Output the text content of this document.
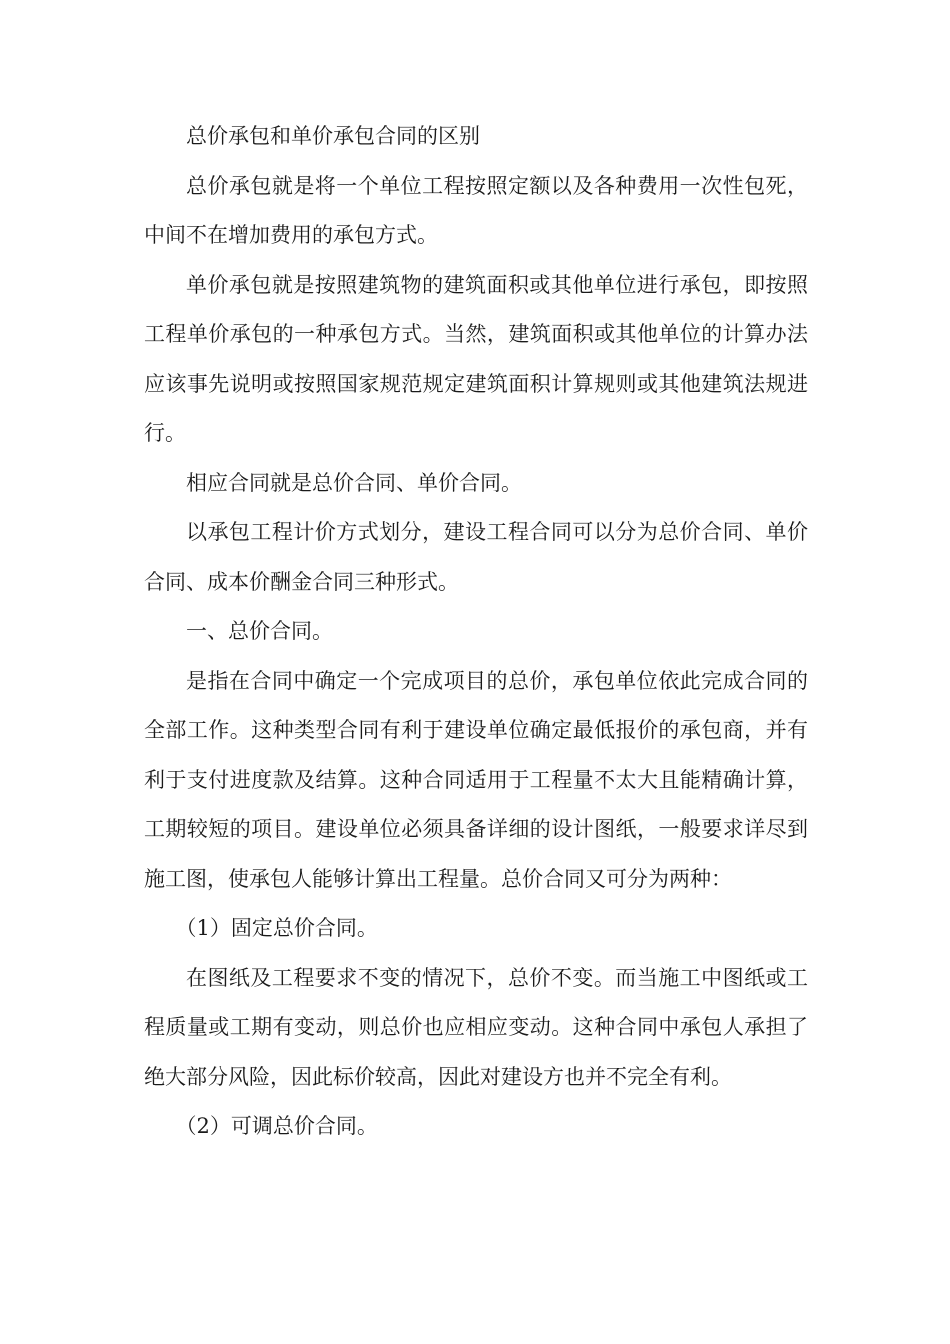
总价承包和单价承包合同的区别

总价承包就是将一个单位工程按照定额以及各种费用一次性包死，中间不在增加费用的承包方式。

单价承包就是按照建筑物的建筑面积或其他单位进行承包，即按照工程单价承包的一种承包方式。当然，建筑面积或其他单位的计算办法应该事先说明或按照国家规范规定建筑面积计算规则或其他建筑法规进行。

相应合同就是总价合同、单价合同。

以承包工程计价方式划分，建设工程合同可以分为总价合同、单价合同、成本价酬金合同三种形式。

一、总价合同。

是指在合同中确定一个完成项目的总价，承包单位依此完成合同的全部工作。这种类型合同有利于建设单位确定最低报价的承包商，并有利于支付进度款及结算。这种合同适用于工程量不太大且能精确计算，工期较短的项目。建设单位必须具备详细的设计图纸，一般要求详尽到施工图，使承包人能够计算出工程量。总价合同又可分为两种：

（1）固定总价合同。

在图纸及工程要求不变的情况下，总价不变。而当施工中图纸或工程质量或工期有变动，则总价也应相应变动。这种合同中承包人承担了绝大部分风险，因此标价较高，因此对建设方也并不完全有利。

（2）可调总价合同。
